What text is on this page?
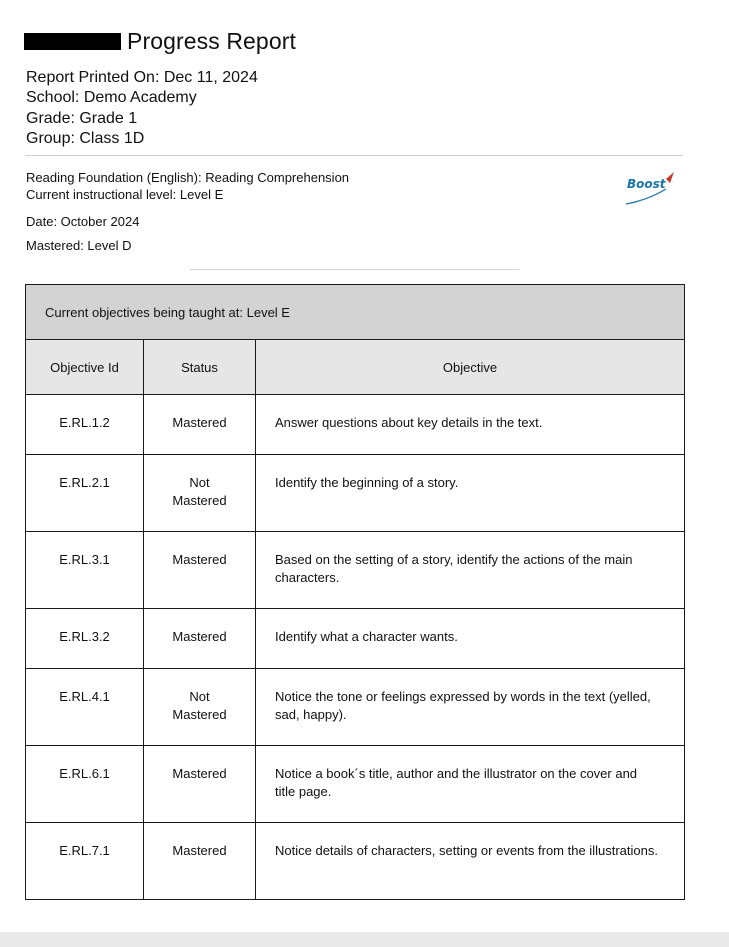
Progress Report
Report Printed On: Dec 11, 2024
School: Demo Academy
Grade: Grade 1
Group: Class 1D
Reading Foundation (English): Reading Comprehension
Current instructional level: Level E
Date: October 2024
Mastered: Level D
Boost
Current objectives being taught at: Level E		
Objective Id	Status	Objective

E.RL.1.2	Mastered	Answer questions about key details in the text.

E.RL.2.1	Not Mastered	Identify the beginning of a story.

E.RL.3.1	Mastered	Based on the setting of a story, identify the actions of the main characters.

E.RL.3.2	Mastered	Identify what a character wants.

E.RL.4.1	Not Mastered	Notice the tone or feelings expressed by words in the text (yelled, sad, happy).

E.RL.6.1	Mastered	Notice a book´s title, author and the illustrator on the cover and title page.

E.RL.7.1	Mastered	Notice details of characters, setting or events from the illustrations.
